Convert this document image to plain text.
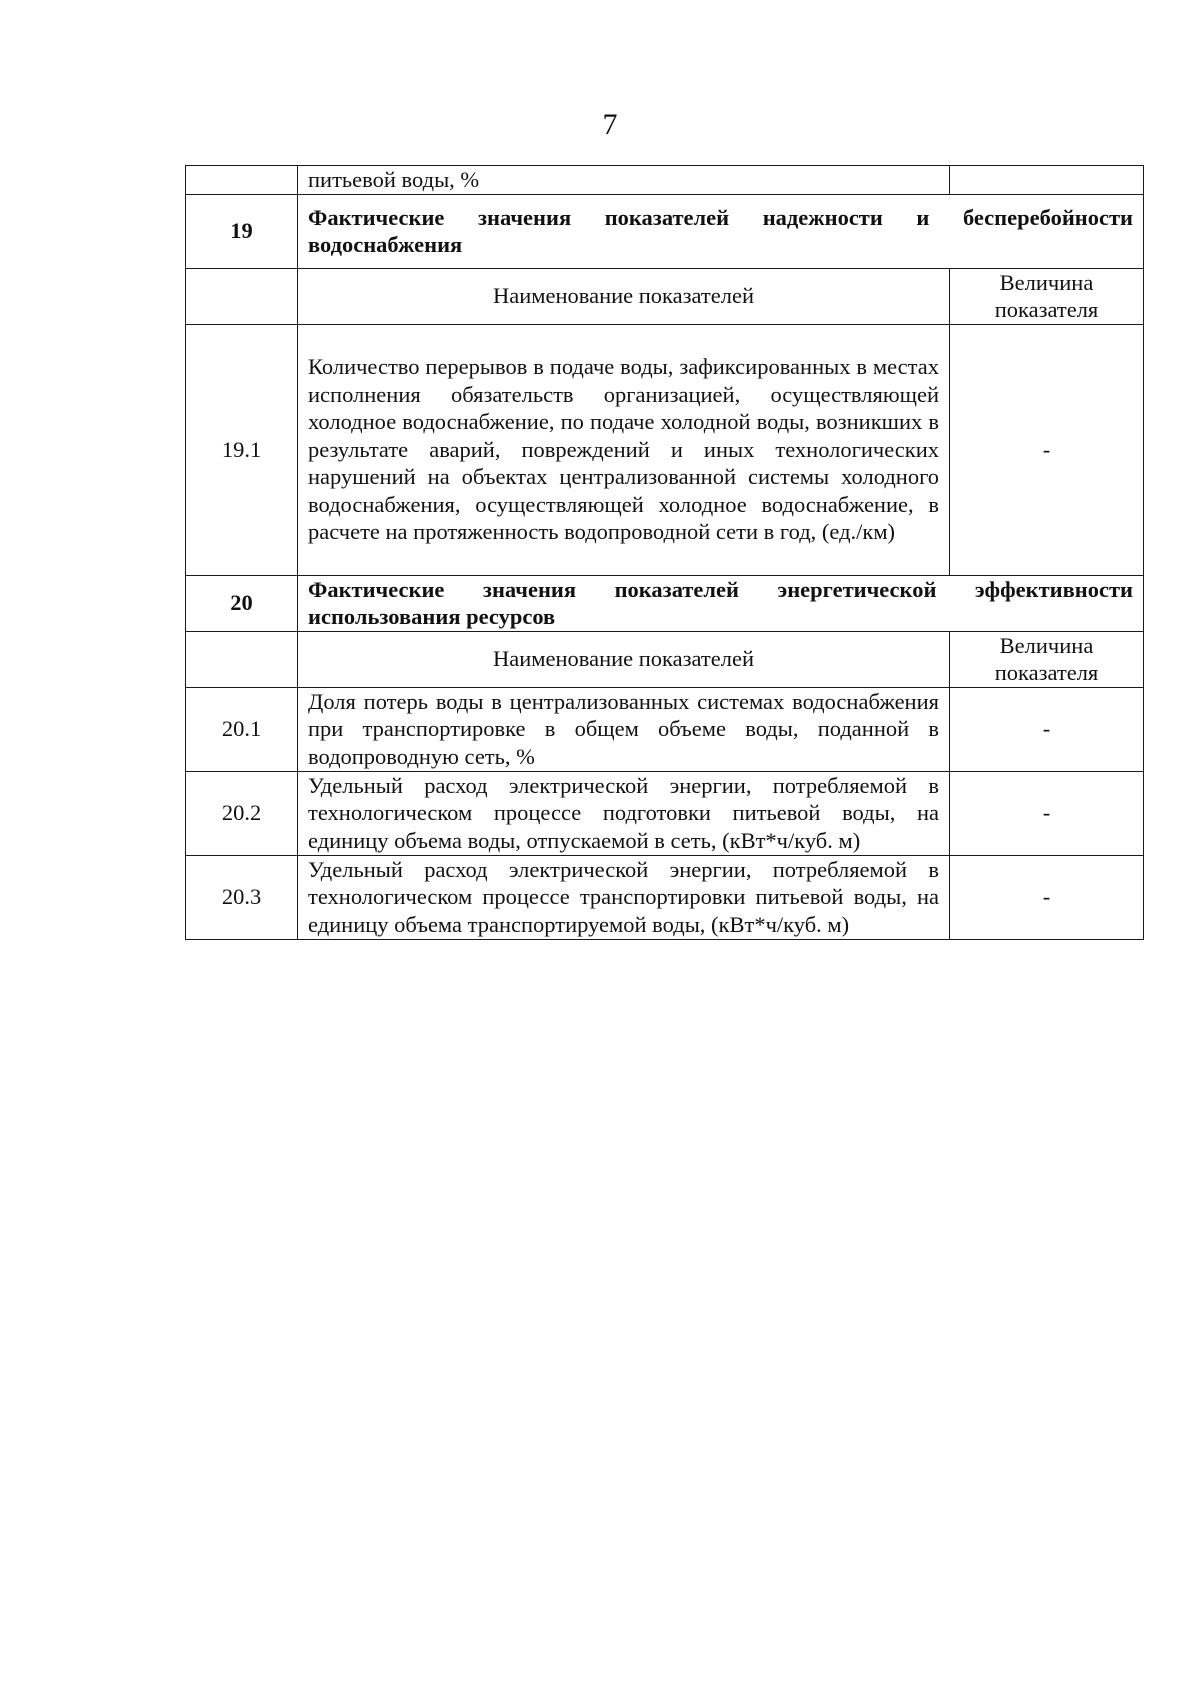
7
	питьевой воды, %	
19	Фактические значения показателей надежности и бесперебойности водоснабжения	
	Наименование показателей	Величина показателя
19.1	Количество перерывов в подаче воды, зафиксированных в местах исполнения обязательств организацией, осуществляющей холодное водоснабжение, по подаче холодной воды, возникших в результате аварий, повреждений и иных технологических нарушений на объектах централизованной системы холодного водоснабжения, осуществляющей холодное водоснабжение, в расчете на протяженность водопроводной сети в год, (ед./км)	-
20	Фактические значения показателей энергетической эффективности использования ресурсов	
	Наименование показателей	Величина показателя
20.1	Доля потерь воды в централизованных системах водоснабжения при транспортировке в общем объеме воды, поданной в водопроводную сеть, %	-
20.2	Удельный расход электрической энергии, потребляемой в технологическом процессе подготовки питьевой воды, на единицу объема воды, отпускаемой в сеть, (кВт*ч/куб. м)	-
20.3	Удельный расход электрической энергии, потребляемой в технологическом процессе транспортировки питьевой воды, на единицу объема транспортируемой воды, (кВт*ч/куб. м)	-
